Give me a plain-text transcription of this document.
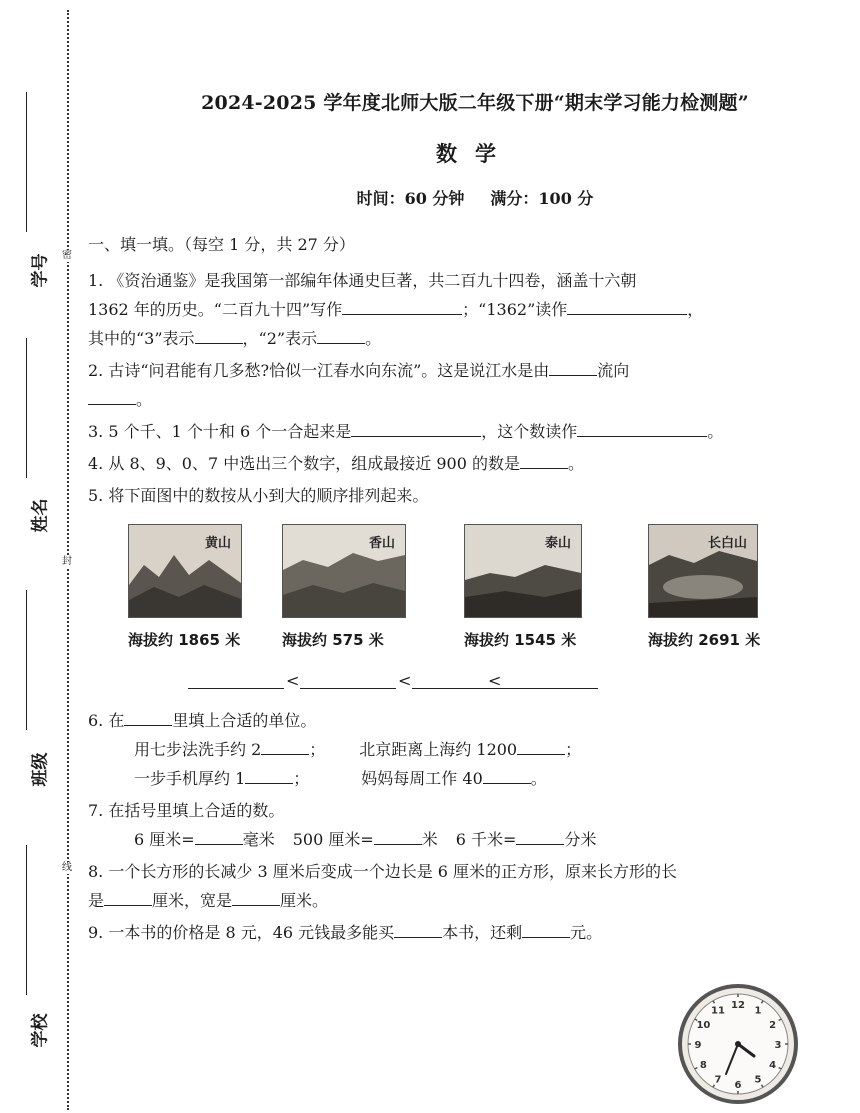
密
封
线
学号
姓名
班级
学校
2024-2025 学年度北师大版二年级下册“期末学习能力检测题”
数学
时间：60 分钟 满分：100 分
一、填一填。（每空 1 分，共 27 分）
1. 《资治通鉴》是我国第一部编年体通史巨著，共二百九十四卷，涵盖十六朝
1362 年的历史。“二百九十四”写作	；“1362”读作	，
其中的“3”表示	，“2”表示	。
2. 古诗“问君能有几多愁?恰似一江春水向东流”。这是说江水是由	流向
。
3. 5 个千、1 个十和 6 个一合起来是	，这个数读作	。
4. 从 8、9、0、7 中选出三个数字，组成最接近 900 的数是	。
5. 将下面图中的数按从小到大的顺序排列起来。
黄山
海拔约 1865 米
香山
海拔约 575 米
泰山
海拔约 1545 米
长白山
海拔约 2691 米
<	<	<
6. 在	里填上合适的单位。
用七步法洗手约 2	； 北京距离上海约 1200	；
一步手机厚约 1	；	妈妈每周工作 40	。
7. 在括号里填上合适的数。
6 厘米=	毫米 500 厘米=	米 6 千米=	分米
8. 一个长方形的长减少 3 厘米后变成一个边长是 6 厘米的正方形，原来长方形的长
是	厘米，宽是	厘米。
9. 一本书的价格是 8 元，46 元钱最多能买	本书，还剩	元。
12 1
2
3
4
5
6
7
8
9
10
11
